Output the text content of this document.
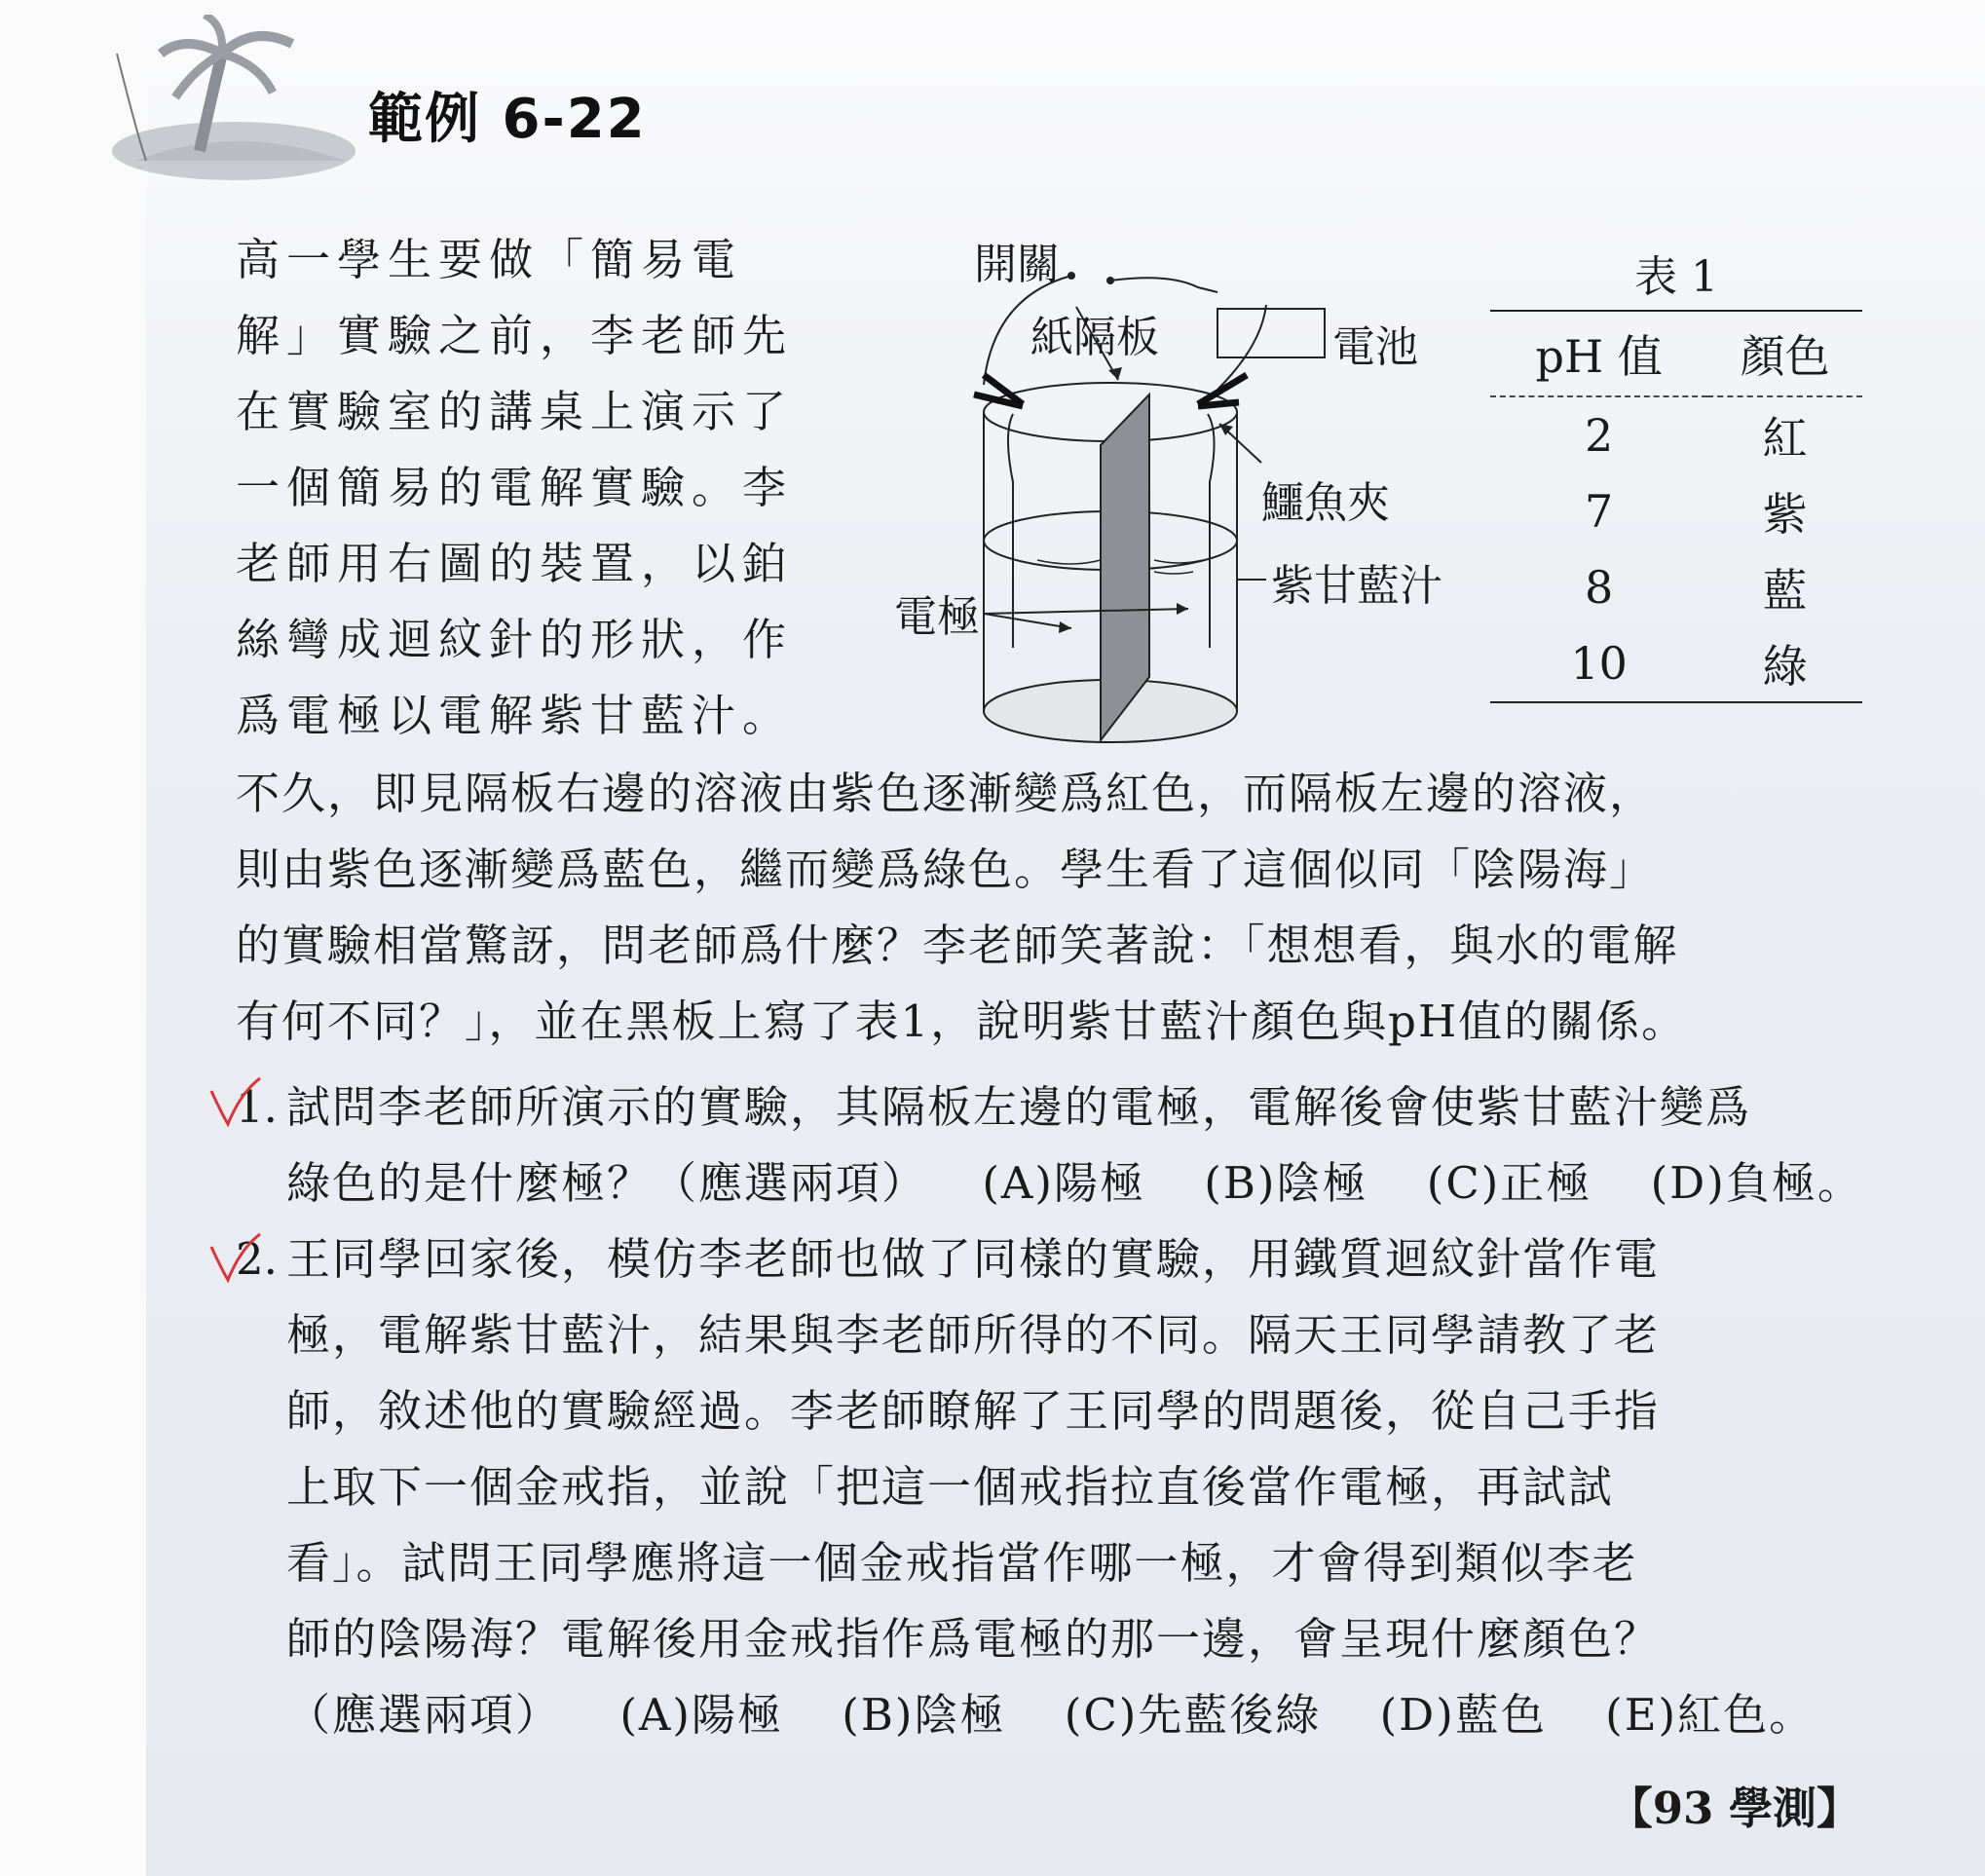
範例 6-22
高一學生要做「簡易電
解」實驗之前，李老師先
在實驗室的講桌上演示了
一個簡易的電解實驗。李
老師用右圖的裝置，以鉑
絲彎成迴紋針的形狀，作
爲電極以電解紫甘藍汁。
開關
紙隔板	電池
鱷魚夾
紫甘藍汁
電極
表 1
pH 值	顏色
2	紅
7	紫
8	藍
10	綠
不久，即見隔板右邊的溶液由紫色逐漸變爲紅色，而隔板左邊的溶液，
則由紫色逐漸變爲藍色，繼而變爲綠色。學生看了這個似同「陰陽海」
的實驗相當驚訝，問老師爲什麼？李老師笑著說：「想想看，與水的電解
有何不同？」，並在黑板上寫了表1，說明紫甘藍汁顏色與pH值的關係。
1. 試問李老師所演示的實驗，其隔板左邊的電極，電解後會使紫甘藍汁變爲
綠色的是什麼極？（應選兩項） (A)陽極 (B)陰極 (C)正極 (D)負極。
2. 王同學回家後，模仿李老師也做了同樣的實驗，用鐵質迴紋針當作電
極，電解紫甘藍汁，結果與李老師所得的不同。隔天王同學請教了老
師，敘述他的實驗經過。李老師瞭解了王同學的問題後，從自己手指
上取下一個金戒指，並說「把這一個戒指拉直後當作電極，再試試
看」。試問王同學應將這一個金戒指當作哪一極，才會得到類似李老
師的陰陽海？電解後用金戒指作爲電極的那一邊，會呈現什麼顏色？
（應選兩項） (A)陽極 (B)陰極 (C)先藍後綠 (D)藍色 (E)紅色。
【93 學測】
